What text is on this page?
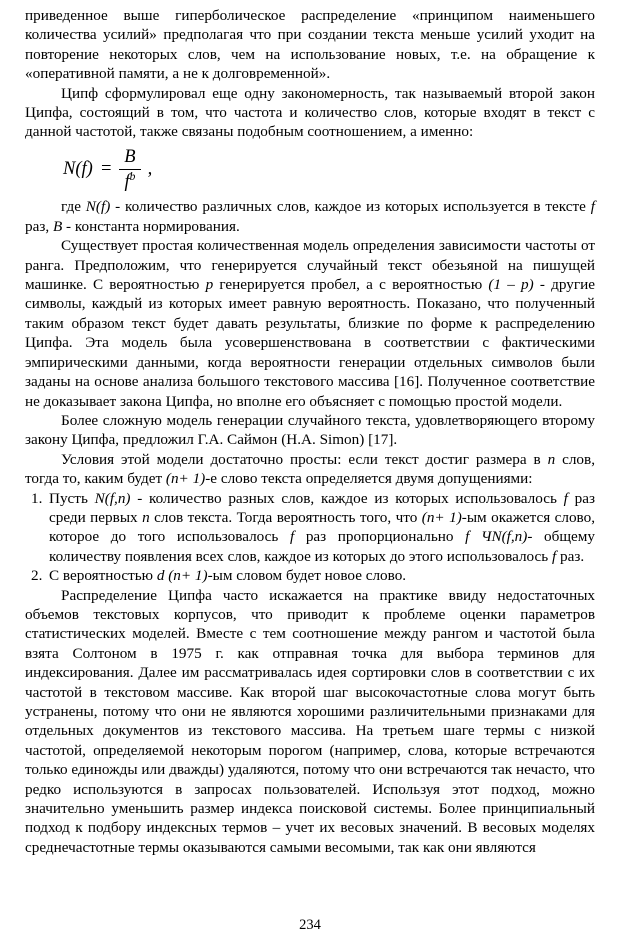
приведенное выше гиперболическое распределение «принципом наименьшего количества усилий» предполагая что при создании текста меньше усилий уходит на повторение некоторых слов, чем на использование новых, т.е. на обращение к «оперативной памяти, а не к долговременной».

Ципф сформулировал еще одну закономерность, так называемый второй закон Ципфа, состоящий в том, что частота и количество слов, которые входят в текст с данной частотой, также связаны подобным соотношением, а именно:

$N(f) = \frac{B}{f^b}$ ,

где N(f) - количество различных слов, каждое из которых используется в тексте f раз, B - константа нормирования.

Существует простая количественная модель определения зависимости частоты от ранга. Предположим, что генерируется случайный текст обезьяной на пишущей машинке. С вероятностью p генерируется пробел, а с вероятностью (1 – p) - другие символы, каждый из которых имеет равную вероятность. Показано, что полученный таким образом текст будет давать результаты, близкие по форме к распределению Ципфа. Эта модель была усовершенствована в соответствии с фактическими эмпирическими данными, когда вероятности генерации отдельных символов были заданы на основе анализа большого текстового массива [16]. Полученное соответствие не доказывает закона Ципфа, но вполне его объясняет с помощью простой модели.

Более сложную модель генерации случайного текста, удовлетворяющего второму закону Ципфа, предложил Г.А. Саймон (H.A. Simon) [17].

Условия этой модели достаточно просты: если текст достиг размера в n слов, тогда то, каким будет (n+ 1)-е слово текста определяется двумя допущениями:

1. Пусть N(f,n) - количество разных слов, каждое из которых использовалось f раз среди первых n слов текста. Тогда вероятность того, что (n+ 1)-ым окажется слово, которое до того использовалось f раз пропорционально f ЧN(f,n)- общему количеству появления всех слов, каждое из которых до этого использовалось f раз.
2. С вероятностью d (n+ 1)-ым словом будет новое слово.

Распределение Ципфа часто искажается на практике ввиду недостаточных объемов текстовых корпусов, что приводит к проблеме оценки параметров статистических моделей. Вместе с тем соотношение между рангом и частотой была взята Солтоном в 1975 г. как отправная точка для выбора терминов для индексирования. Далее им рассматривалась идея сортировки слов в соответствии с их частотой в текстовом массиве. Как второй шаг высокочастотные слова могут быть устранены, потому что они не являются хорошими различительными признаками для отдельных документов из текстового массива. На третьем шаге термы с низкой частотой, определяемой некоторым порогом (например, слова, которые встречаются только единожды или дважды) удаляются, потому что они встречаются так нечасто, что редко используются в запросах пользователей. Используя этот подход, можно значительно уменьшить размер индекса поисковой системы. Более принципиальный подход к подбору индексных термов – учет их весовых значений. В весовых моделях среднечастотные термы оказываются самыми весомыми, так как они являются

234
